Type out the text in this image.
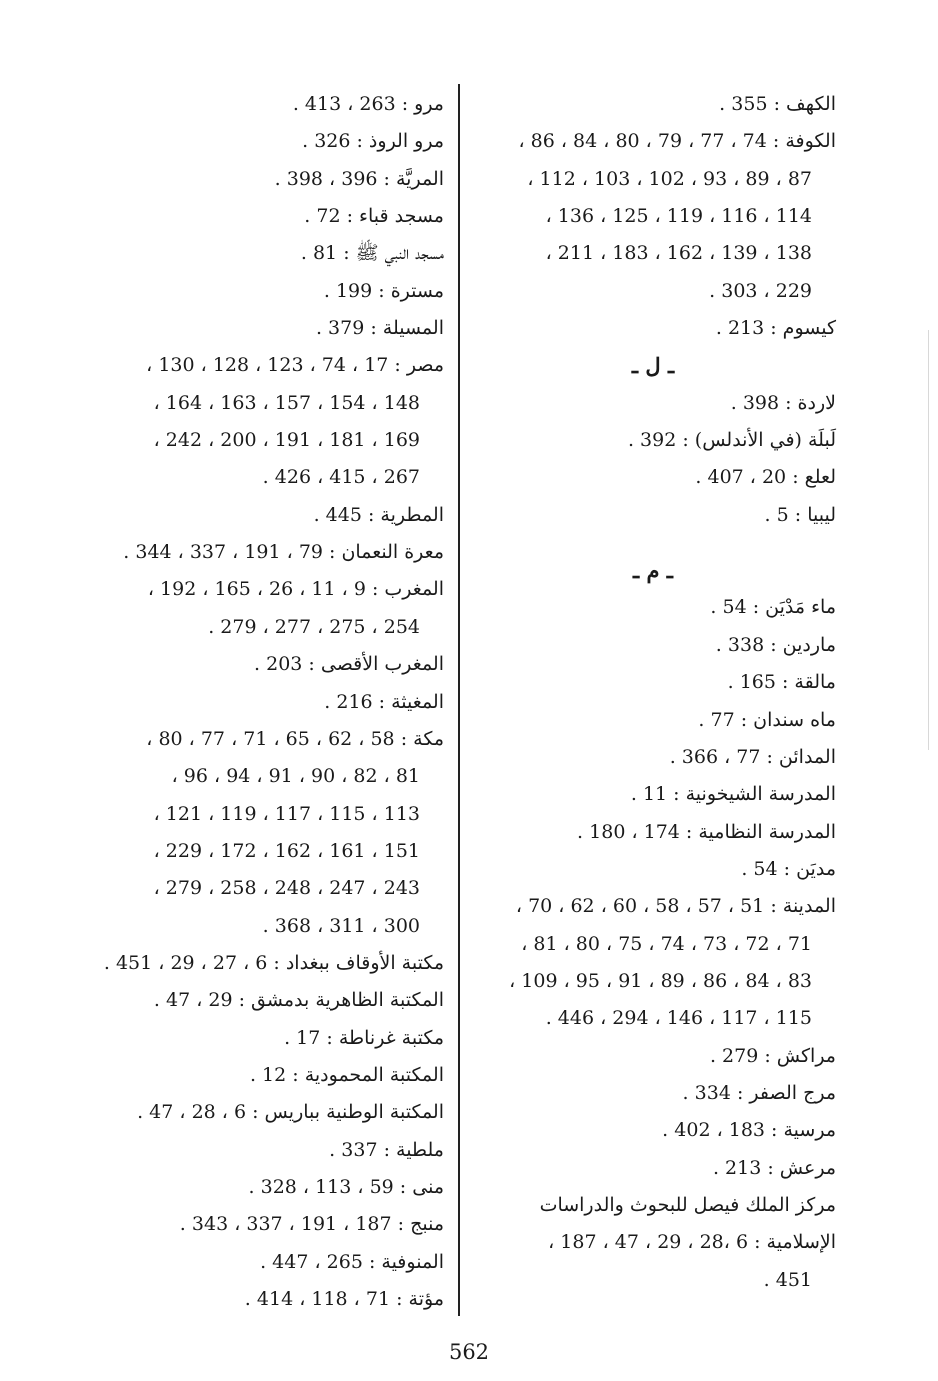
الكهف : 355 .
الكوفة : 74 ، 77 ، 79 ، 80 ، 84 ، 86 ،
87 ، 89 ، 93 ، 102 ، 103 ، 112 ،
114 ، 116 ، 119 ، 125 ، 136 ،
138 ، 139 ، 162 ، 183 ، 211 ،
229 ، 303 .
كيسوم : 213 .
ـ ل ـ
لاردة : 398 .
لَبلَة (في الأندلس) : 392 .
لعلع : 20 ، 407 .
ليبيا : 5 .
ـ م ـ
ماء مَدْيَن : 54 .
ماردين : 338 .
مالقة : 165 .
ماه سندان : 77 .
المدائن : 77 ، 366 .
المدرسة الشيخونية : 11 .
المدرسة النظامية : 174 ، 180 .
مديَن : 54 .
المدينة : 51 ، 57 ، 58 ، 60 ، 62 ، 70 ،
71 ، 72 ، 73 ، 74 ، 75 ، 80 ، 81 ،
83 ، 84 ، 86 ، 89 ، 91 ، 95 ، 109 ،
115 ، 117 ، 146 ، 294 ، 446 .
مراكش : 279 .
مرج الصفر : 334 .
مرسية : 183 ، 402 .
مرعش : 213 .
مركز الملك فيصل للبحوث والدراسات
الإسلامية : 6 ،28 ، 29 ، 47 ، 187 ،
451 .
مرو : 263 ، 413 .
مرو الروذ : 326 .
المريَّة : 396 ، 398 .
مسجد قباء : 72 .
مسجد النبي ﷺ : 81 .
مسترة : 199 .
المسيلة : 379 .
مصر : 17 ، 74 ، 123 ، 128 ، 130 ،
148 ، 154 ، 157 ، 163 ، 164 ،
169 ، 181 ، 191 ، 200 ، 242 ،
267 ، 415 ، 426 .
المطرية : 445 .
معرة النعمان : 79 ، 191 ، 337 ، 344 .
المغرب : 9 ، 11 ، 26 ، 165 ، 192 ،
254 ، 275 ، 277 ، 279 .
المغرب الأقصى : 203 .
المغيثة : 216 .
مكة : 58 ، 62 ، 65 ، 71 ، 77 ، 80 ،
81 ، 82 ، 90 ، 91 ، 94 ، 96 ،
113 ، 115 ، 117 ، 119 ، 121 ،
151 ، 161 ، 162 ، 172 ، 229 ،
243 ، 247 ، 248 ، 258 ، 279 ،
300 ، 311 ، 368 .
مكتبة الأوقاف ببغداد : 6 ، 27 ، 29 ، 451 .
المكتبة الظاهرية بدمشق : 29 ، 47 .
مكتبة غرناطة : 17 .
المكتبة المحمودية : 12 .
المكتبة الوطنية بباريس : 6 ، 28 ، 47 .
ملطية : 337 .
منى : 59 ، 113 ، 328 .
منبج : 187 ، 191 ، 337 ، 343 .
المنوفية : 265 ، 447 .
مؤتة : 71 ، 118 ، 414 .
562
